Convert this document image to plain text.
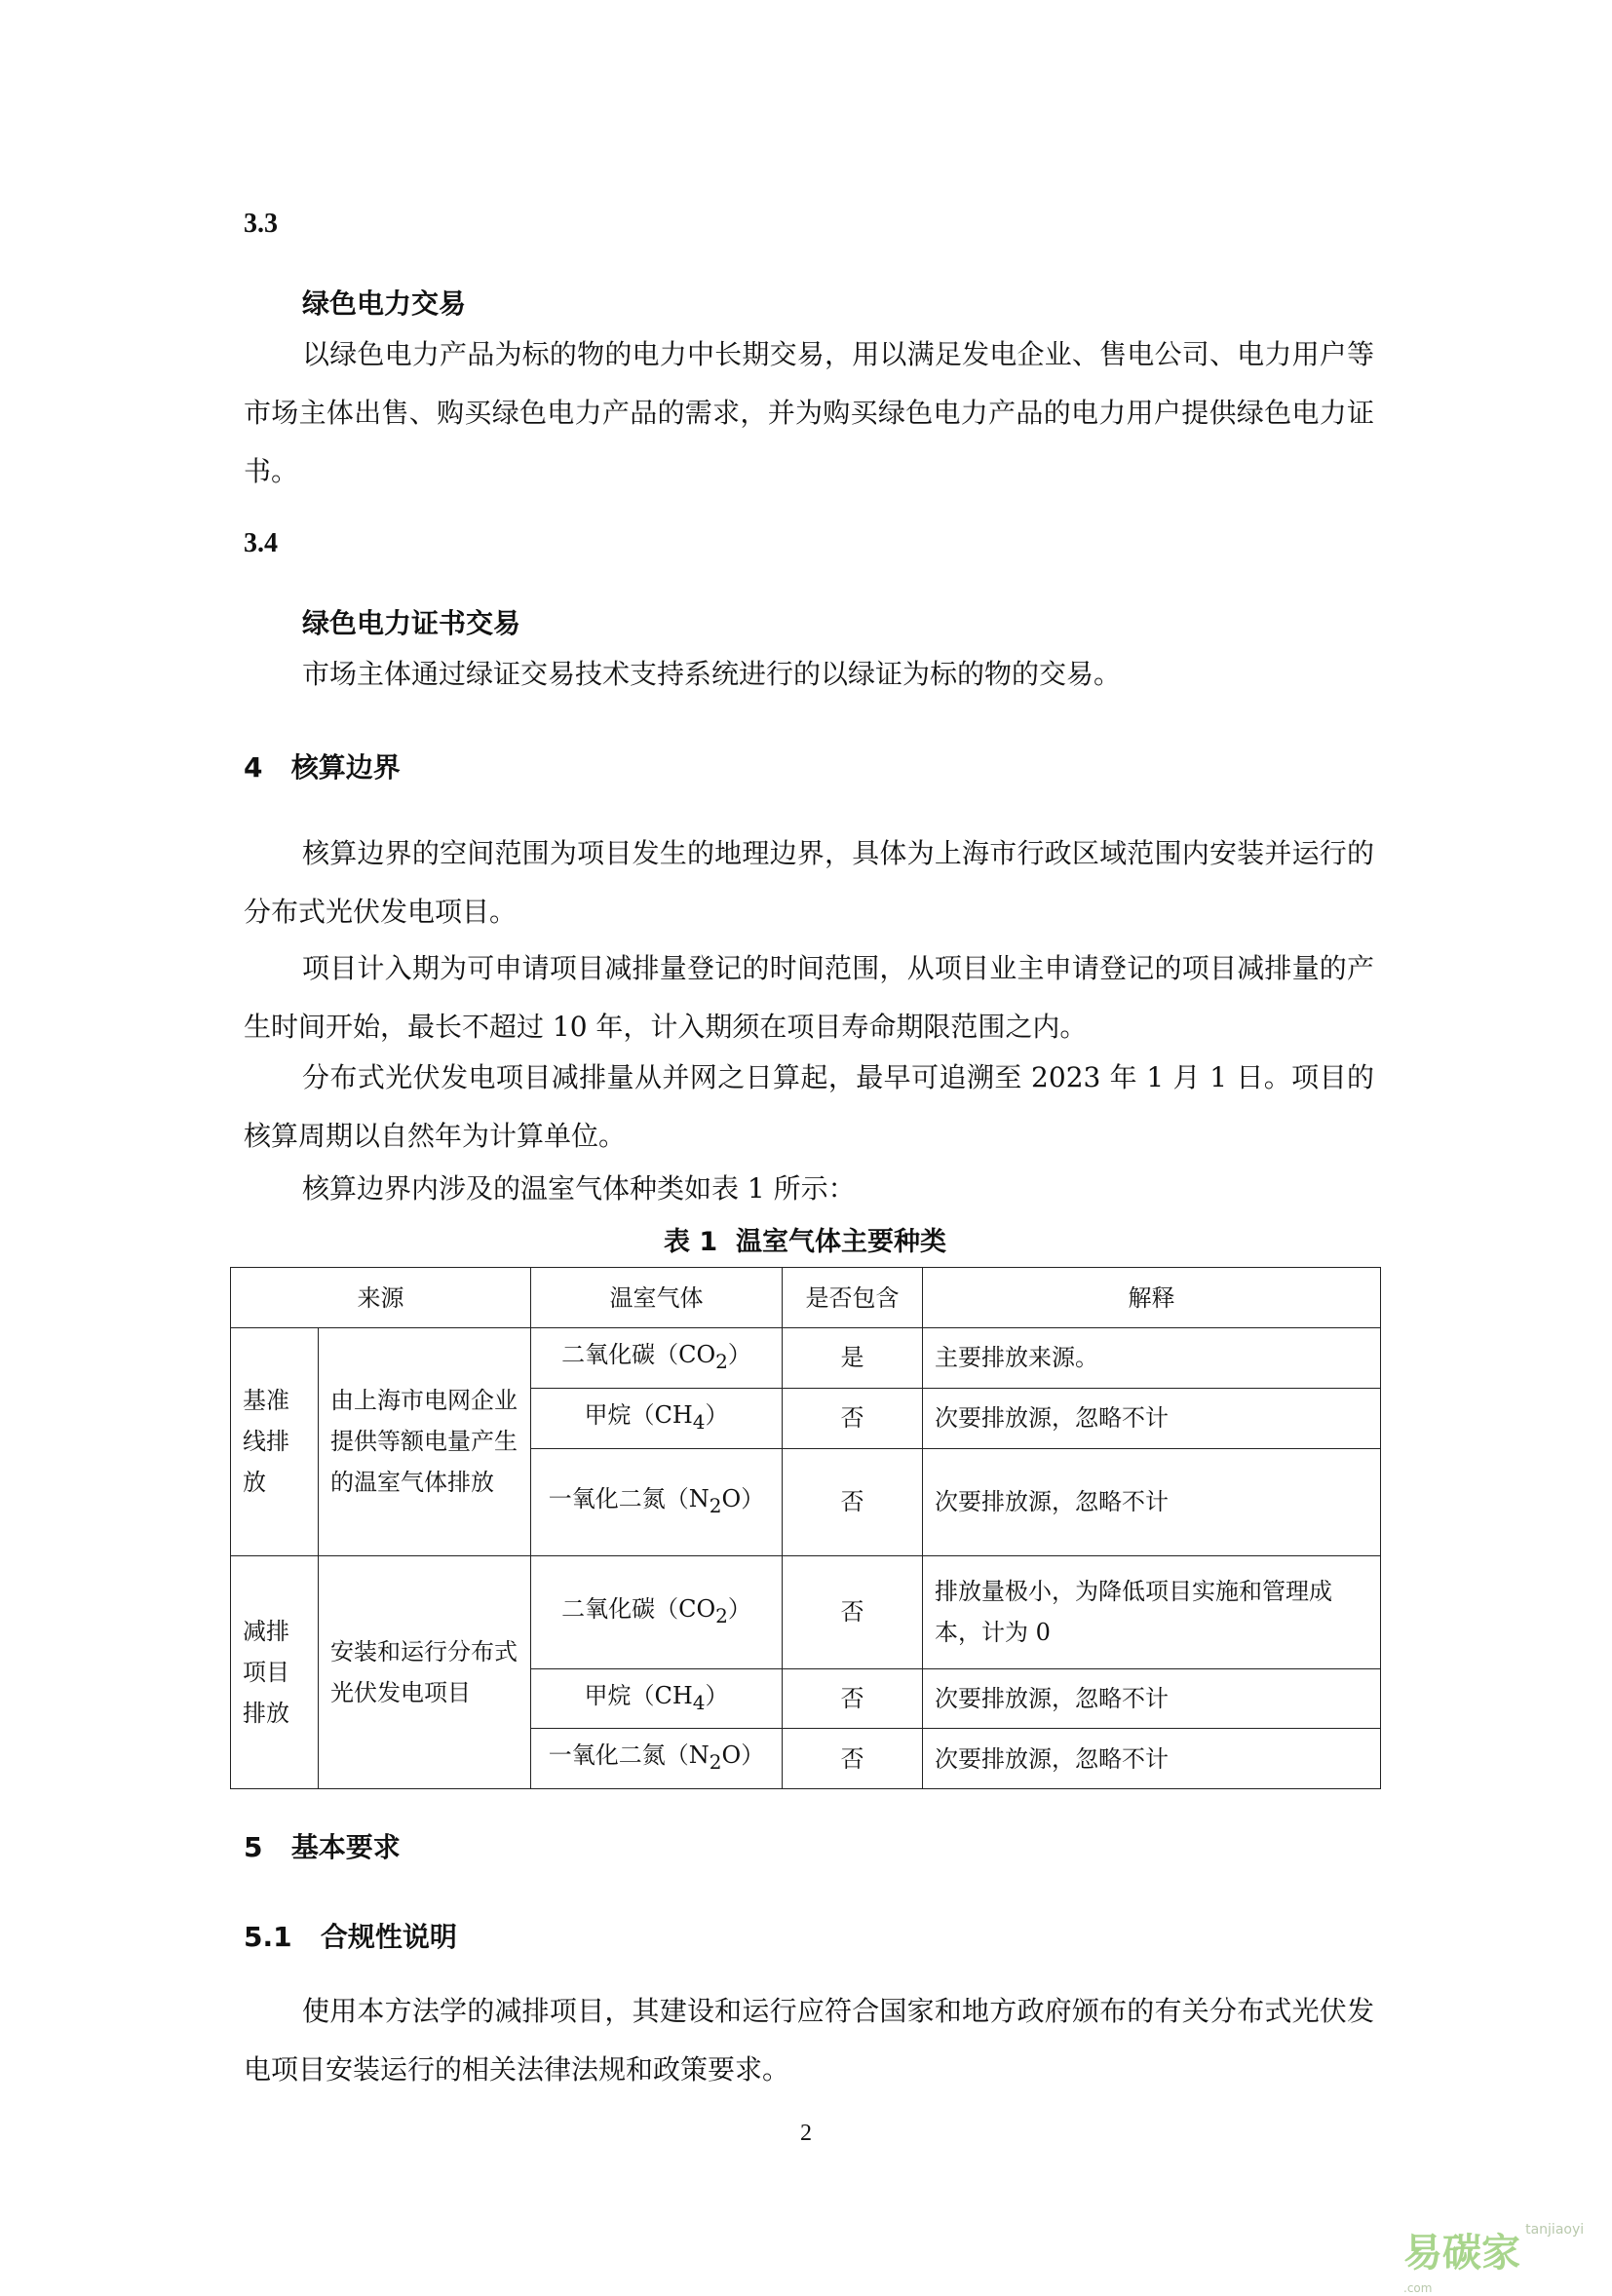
3.3
绿色电力交易
以绿色电力产品为标的物的电力中长期交易，用以满足发电企业、售电公司、电力用户等市场主体出售、购买绿色电力产品的需求，并为购买绿色电力产品的电力用户提供绿色电力证书。
3.4
绿色电力证书交易
市场主体通过绿证交易技术支持系统进行的以绿证为标的物的交易。
4   核算边界
核算边界的空间范围为项目发生的地理边界，具体为上海市行政区域范围内安装并运行的分布式光伏发电项目。
项目计入期为可申请项目减排量登记的时间范围，从项目业主申请登记的项目减排量的产生时间开始，最长不超过 10 年，计入期须在项目寿命期限范围之内。
分布式光伏发电项目减排量从并网之日算起，最早可追溯至 2023 年 1 月 1 日。项目的核算周期以自然年为计算单位。
核算边界内涉及的温室气体种类如表 1 所示：
表 1  温室气体主要种类
来源		温室气体	是否包含	解释
基准线排放	由上海市电网企业提供等额电量产生的温室气体排放	二氧化碳$(CO_2)$	是	主要排放来源。
		甲烷$(CH_4)$	否	次要排放源，忽略不计
		一氧化二氮$(N_2O)$	否	次要排放源，忽略不计
减排项目排放	安装和运行分布式光伏发电项目	二氧化碳$(CO_2)$	否	排放量极小，为降低项目实施和管理成本，计为 0
		甲烷$(CH_4)$	否	次要排放源，忽略不计
		一氧化二氮$(N_2O)$	否	次要排放源，忽略不计
5   基本要求
5.1   合规性说明
使用本方法学的减排项目，其建设和运行应符合国家和地方政府颁布的有关分布式光伏发电项目安装运行的相关法律法规和政策要求。
2
易碳家 tanjiaoyi .com
